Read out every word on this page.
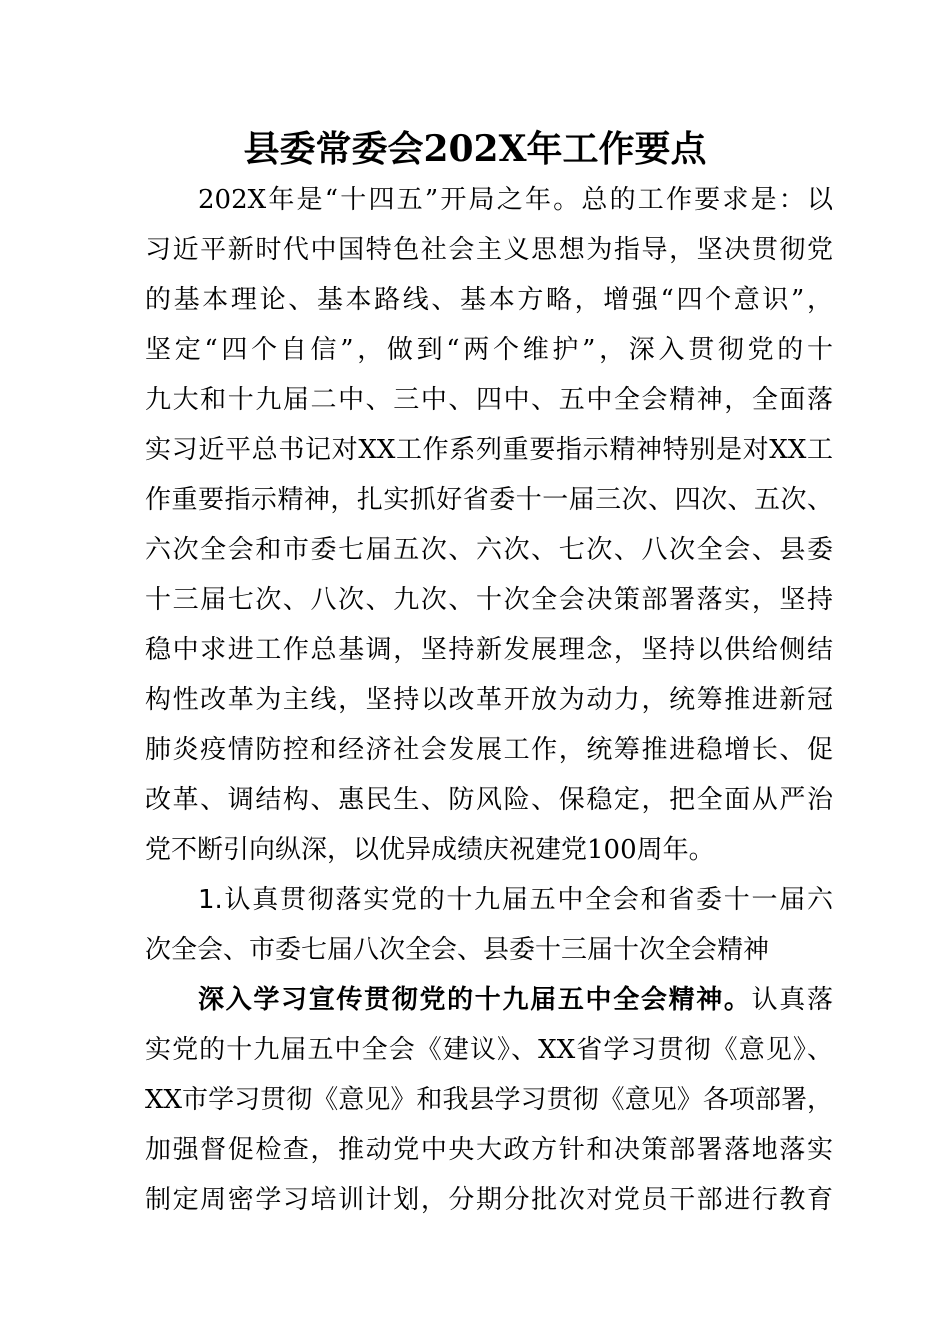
县委常委会202X年工作要点
202X年是“十四五”开局之年。总的工作要求是：以
习近平新时代中国特色社会主义思想为指导，坚决贯彻党
的基本理论、基本路线、基本方略，增强“四个意识”，
坚定“四个自信”，做到“两个维护”，深入贯彻党的十
九大和十九届二中、三中、四中、五中全会精神，全面落
实习近平总书记对XX工作系列重要指示精神特别是对XX工
作重要指示精神，扎实抓好省委十一届三次、四次、五次、
六次全会和市委七届五次、六次、七次、八次全会、县委
十三届七次、八次、九次、十次全会决策部署落实，坚持
稳中求进工作总基调，坚持新发展理念，坚持以供给侧结
构性改革为主线，坚持以改革开放为动力，统筹推进新冠
肺炎疫情防控和经济社会发展工作，统筹推进稳增长、促
改革、调结构、惠民生、防风险、保稳定，把全面从严治
党不断引向纵深，以优异成绩庆祝建党100周年。
1.认真贯彻落实党的十九届五中全会和省委十一届六
次全会、市委七届八次全会、县委十三届十次全会精神
深入学习宣传贯彻党的十九届五中全会精神。认真落
实党的十九届五中全会《建议》、XX省学习贯彻《意见》、
XX市学习贯彻《意见》和我县学习贯彻《意见》各项部署，
加强督促检查，推动党中央大政方针和决策部署落地落实
制定周密学习培训计划，分期分批次对党员干部进行教育
